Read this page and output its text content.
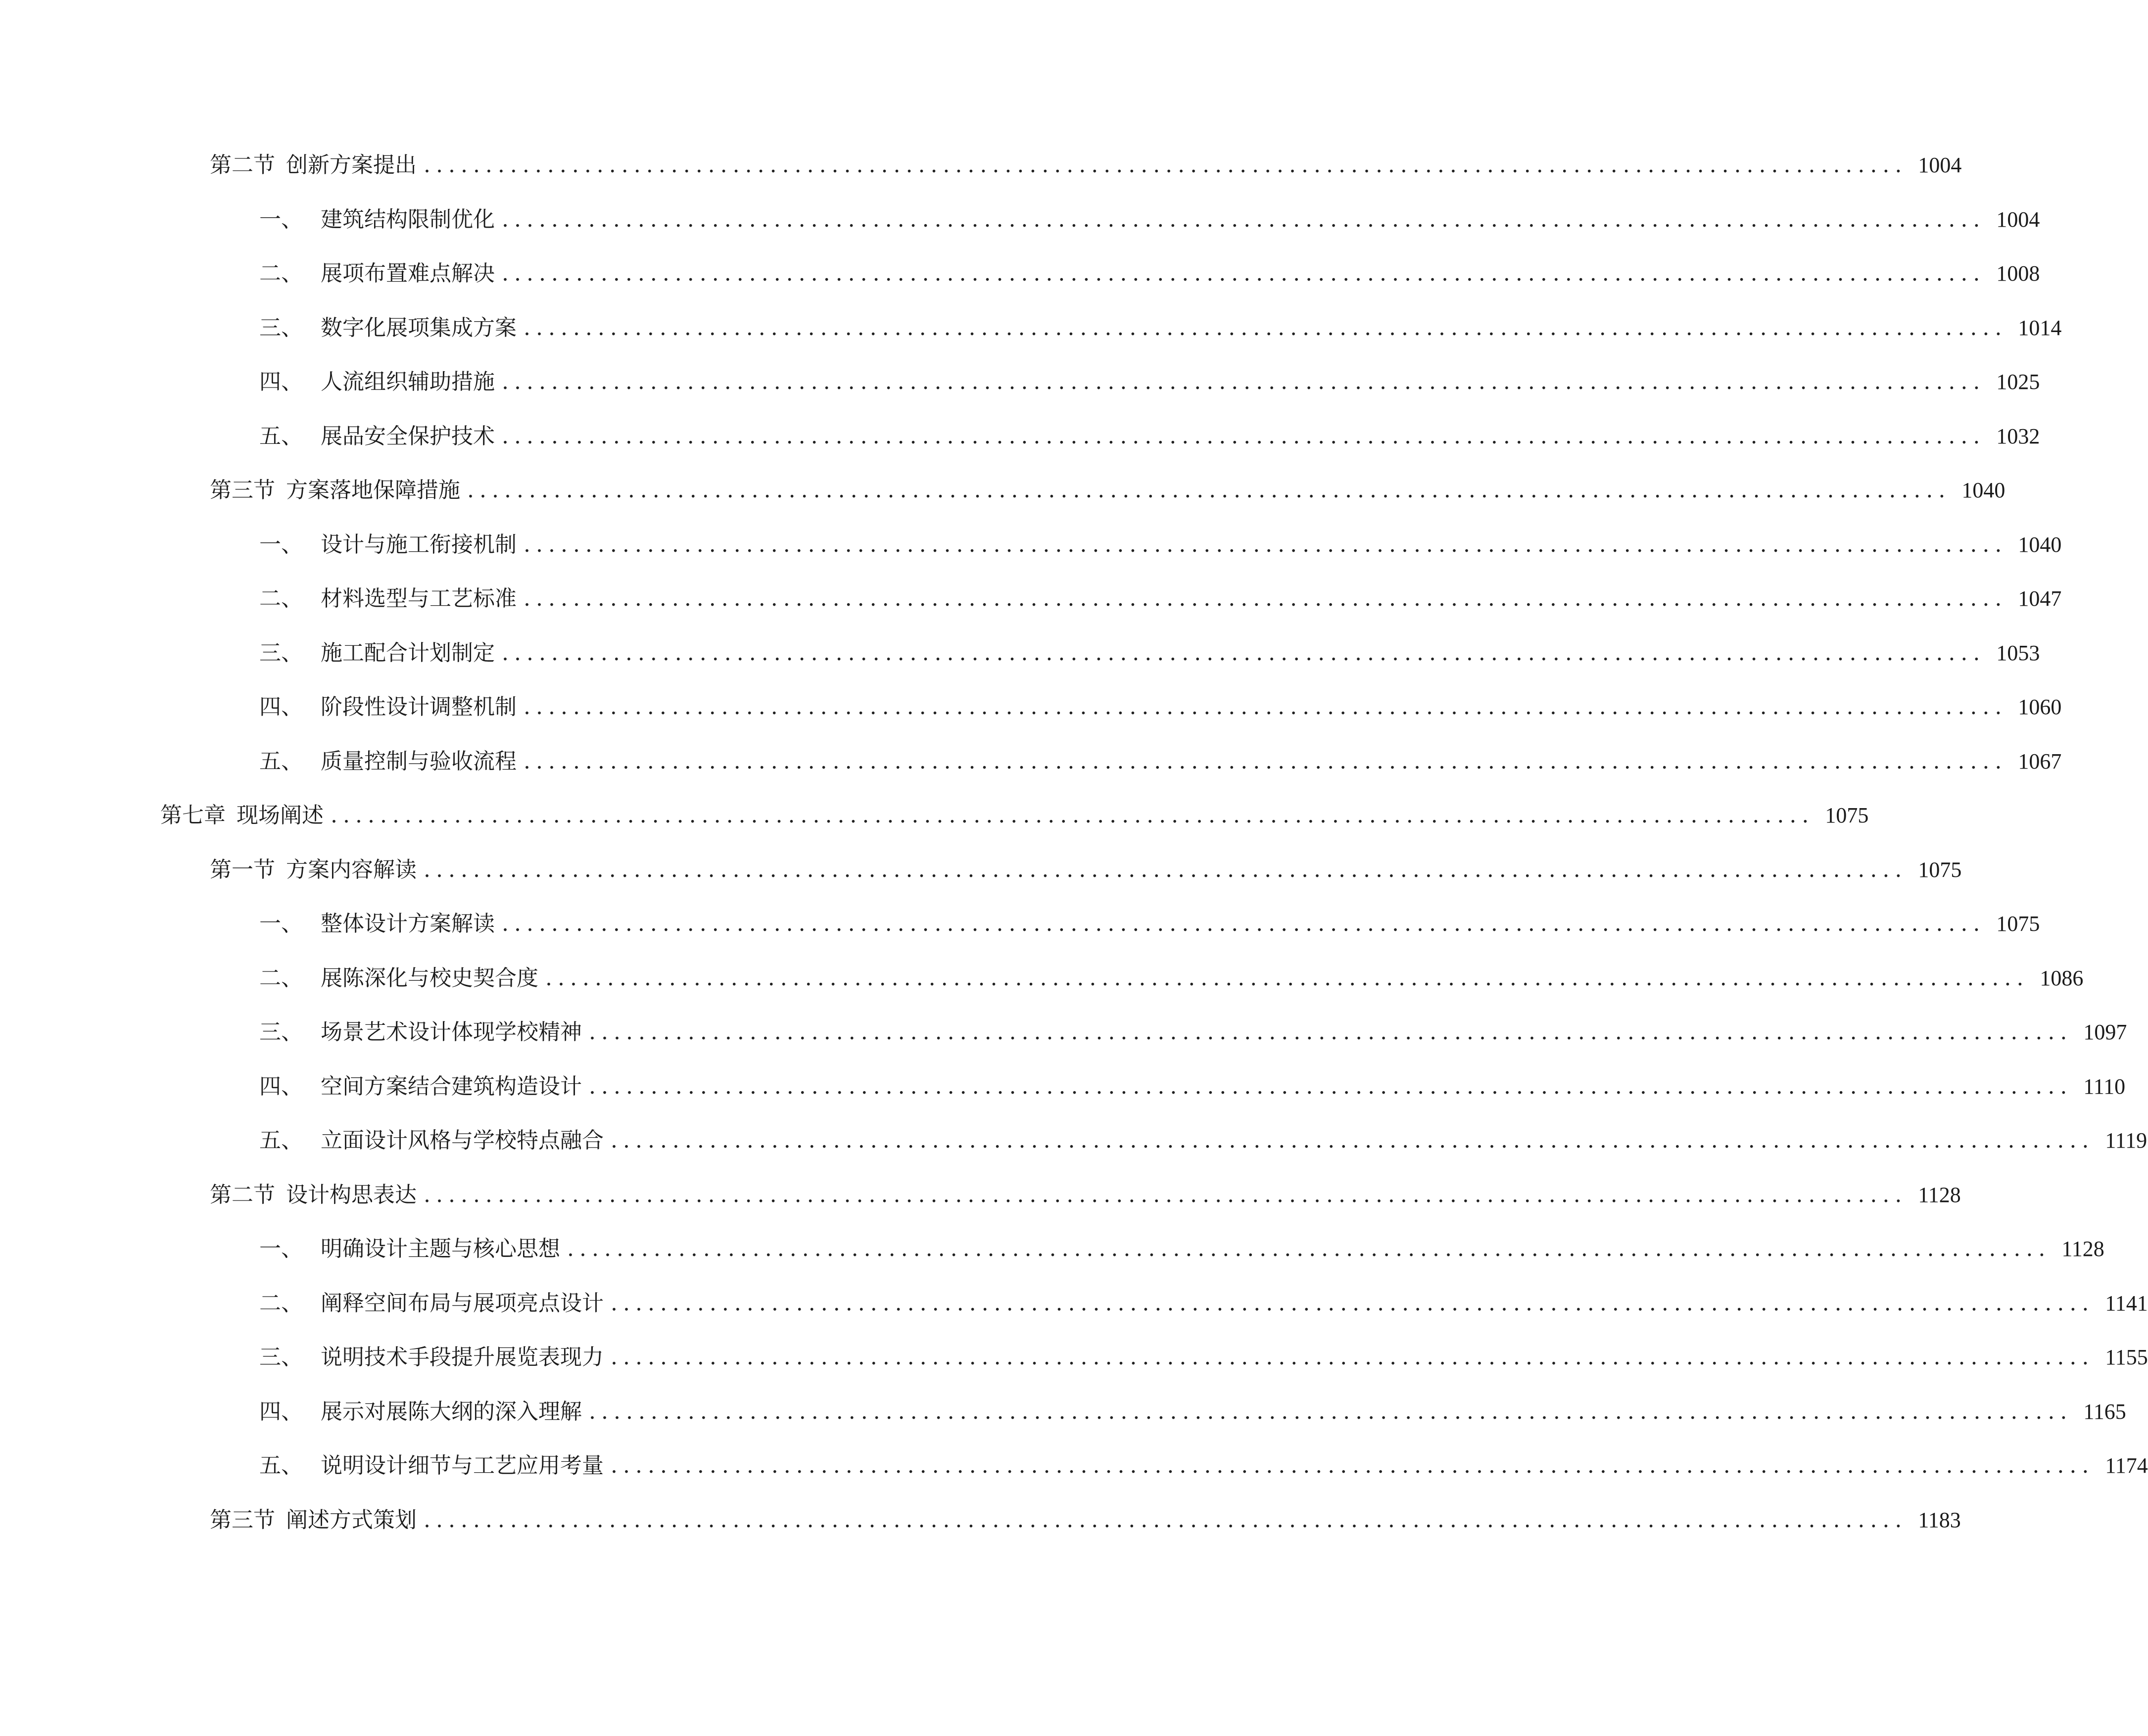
第二节 创新方案提出 ........................................................................................................................ 1004
一、 建筑结构限制优化 ........................................................................................................................ 1004
二、 展项布置难点解决 ........................................................................................................................ 1008
三、 数字化展项集成方案 ........................................................................................................................ 1014
四、 人流组织辅助措施 ........................................................................................................................ 1025
五、 展品安全保护技术 ........................................................................................................................ 1032
第三节 方案落地保障措施 ........................................................................................................................ 1040
一、 设计与施工衔接机制 ........................................................................................................................ 1040
二、 材料选型与工艺标准 ........................................................................................................................ 1047
三、 施工配合计划制定 ........................................................................................................................ 1053
四、 阶段性设计调整机制 ........................................................................................................................ 1060
五、 质量控制与验收流程 ........................................................................................................................ 1067
第七章 现场阐述 ........................................................................................................................ 1075
第一节 方案内容解读 ........................................................................................................................ 1075
一、 整体设计方案解读 ........................................................................................................................ 1075
二、 展陈深化与校史契合度 ........................................................................................................................ 1086
三、 场景艺术设计体现学校精神 ........................................................................................................................ 1097
四、 空间方案结合建筑构造设计 ........................................................................................................................ 1110
五、 立面设计风格与学校特点融合 ........................................................................................................................ 1119
第二节 设计构思表达 ........................................................................................................................ 1128
一、 明确设计主题与核心思想 ........................................................................................................................ 1128
二、 阐释空间布局与展项亮点设计 ........................................................................................................................ 1141
三、 说明技术手段提升展览表现力 ........................................................................................................................ 1155
四、 展示对展陈大纲的深入理解 ........................................................................................................................ 1165
五、 说明设计细节与工艺应用考量 ........................................................................................................................ 1174
第三节 阐述方式策划 ........................................................................................................................ 1183
